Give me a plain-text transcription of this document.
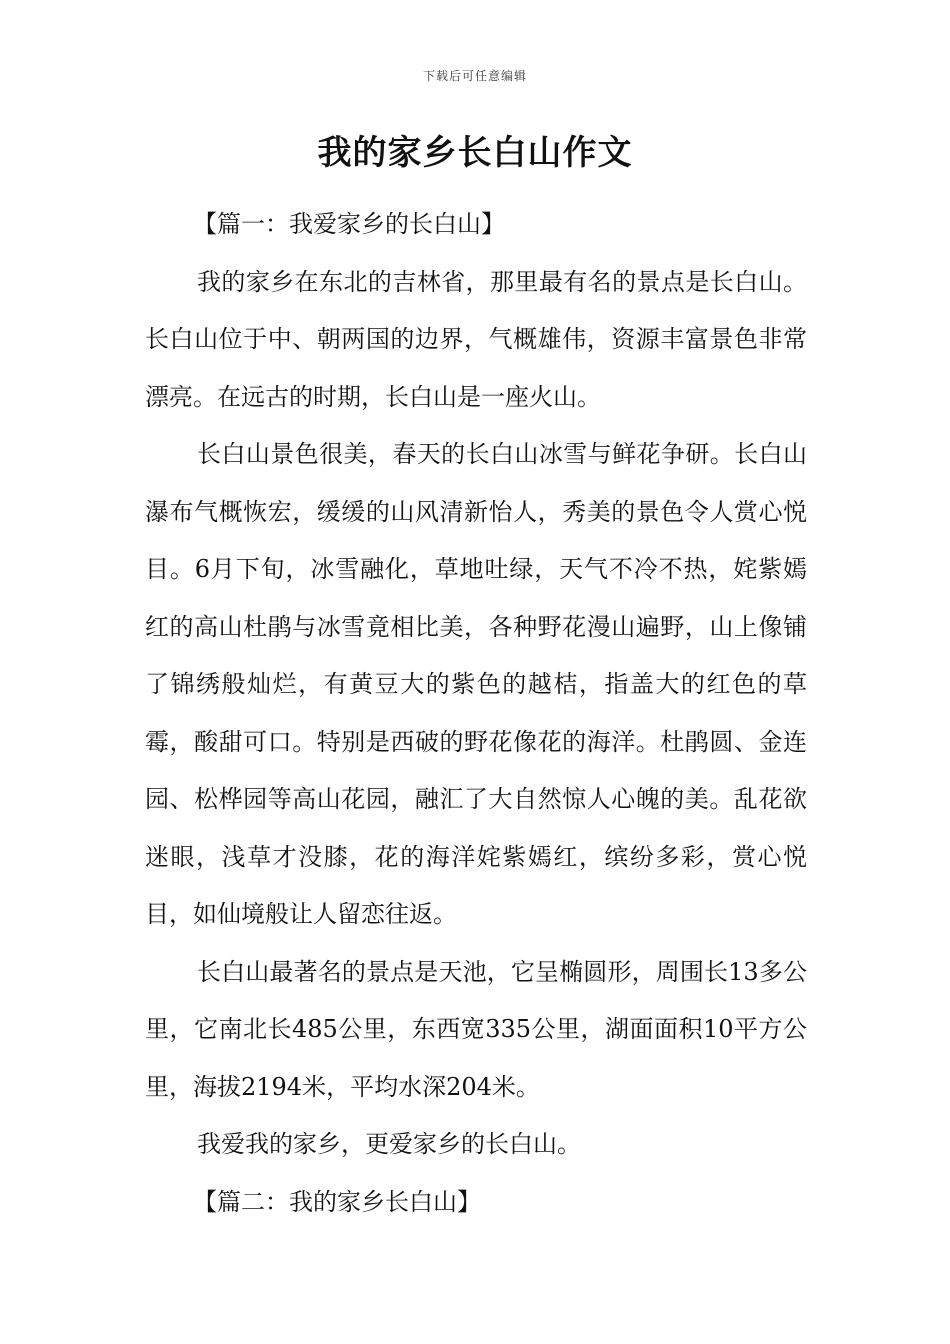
下载后可任意编辑
我的家乡长白山作文

【篇一：我爱家乡的长白山】

我的家乡在东北的吉林省，那里最有名的景点是长白山。长白山位于中、朝两国的边界，气概雄伟，资源丰富景色非常漂亮。在远古的时期，长白山是一座火山。

长白山景色很美，春天的长白山冰雪与鲜花争研。长白山瀑布气概恢宏，缓缓的山风清新怡人，秀美的景色令人赏心悦目。6月下旬，冰雪融化，草地吐绿，天气不冷不热，姹紫嫣红的高山杜鹃与冰雪竟相比美，各种野花漫山遍野，山上像铺了锦绣般灿烂，有黄豆大的紫色的越桔，指盖大的红色的草霉，酸甜可口。特别是西破的野花像花的海洋。杜鹃圆、金连园、松桦园等高山花园，融汇了大自然惊人心魄的美。乱花欲迷眼，浅草才没膝，花的海洋姹紫嫣红，缤纷多彩，赏心悦目，如仙境般让人留恋往返。

长白山最著名的景点是天池，它呈椭圆形，周围长13多公里，它南北长485公里，东西宽335公里，湖面面积10平方公里，海拔2194米，平均水深204米。

我爱我的家乡，更爱家乡的长白山。

【篇二：我的家乡长白山】
